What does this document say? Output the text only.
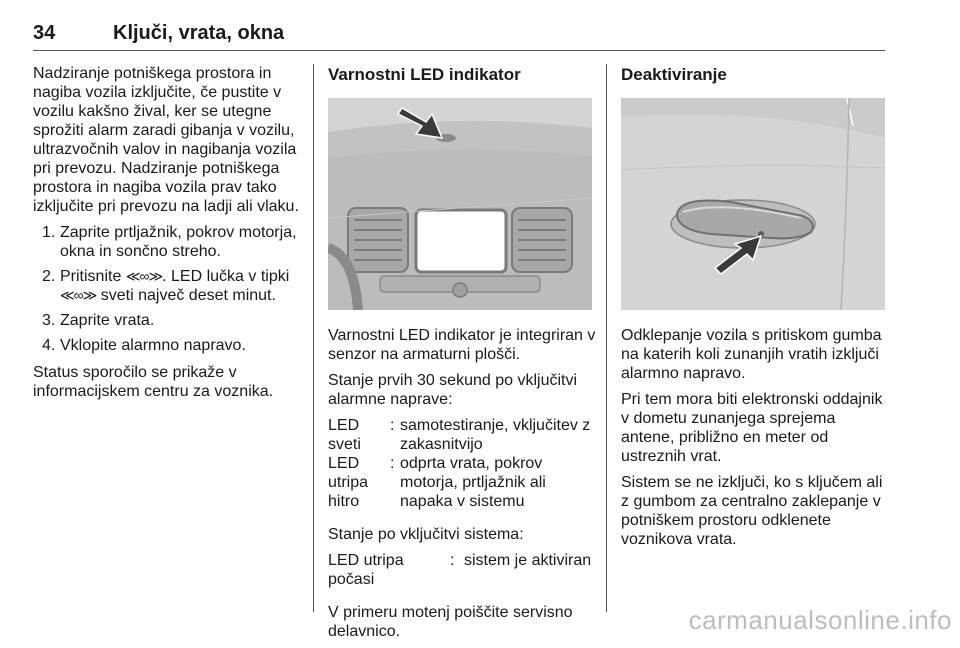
34	Ključi, vrata, okna

Nadziranje potniškega prostora in nagiba vozila izključite, če pustite v vozilu kakšno žival, ker se utegne sprožiti alarm zaradi gibanja v vozilu, ultrazvočnih valov in nagibanja vozila pri prevozu. Nadziranje potniškega prostora in nagiba vozila prav tako izključite pri prevozu na ladji ali vlaku.

1. Zaprite prtljažnik, pokrov motorja, okna in sončno streho.
2. Pritisnite ≪∞≫. LED lučka v tipki
≪∞≫ sveti največ deset minut.
3. Zaprite vrata.
4. Vklopite alarmno napravo.

Status sporočilo se prikaže v informacijskem centru za voznika.

Varnostni LED indikator

Varnostni LED indikator je integriran v senzor na armaturni plošči.

Stanje prvih 30 sekund po vključitvi alarmne naprave:

LED sveti
: samotestiranje, vključitev z zakasnitvijo
LED utripa hitro
: odprta vrata, pokrov motorja, prtljažnik ali napaka v sistemu

Stanje po vključitvi sistema:

LED utripa počasi
: sistem je aktiviran

V primeru motenj poiščite servisno delavnico.

Deaktiviranje

Odklepanje vozila s pritiskom gumba na katerih koli zunanjih vratih izključi alarmno napravo.

Pri tem mora biti elektronski oddajnik v dometu zunanjega sprejema antene, približno en meter od ustreznih vrat.

Sistem se ne izključi, ko s ključem ali z gumbom za centralno zaklepanje v potniškem prostoru odklenete voznikova vrata.

carmanualsonline.info
